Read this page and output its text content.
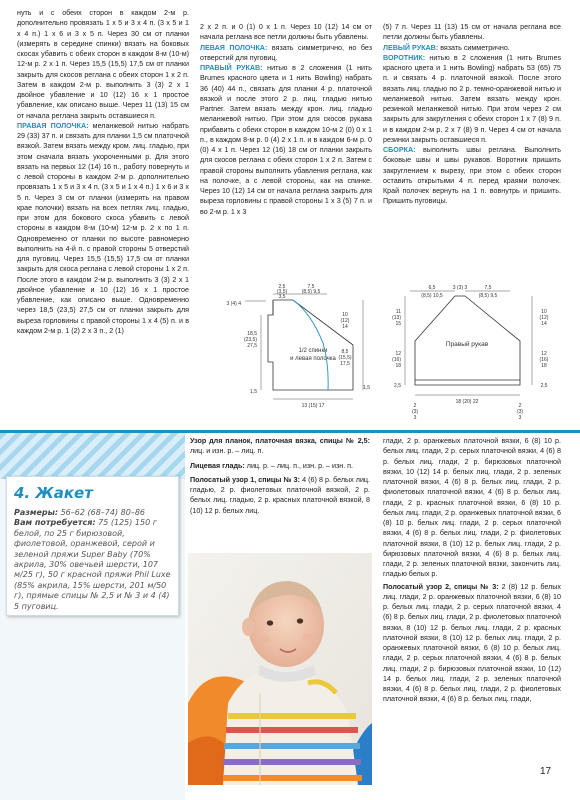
нуть и с обеих сторон в каждом 2-м р. дополнительно провязать 1 х 5 и 3 х 4 п. (3 х 5 и 1 х 4 п.) 1 х 6 и 3 х 5 п. Через 30 см от планки (измерять в середине спинки) вязать на боковых скосах убавить с обеих сторон в каждом 8-м (10-м) 12-м р. 2 х 1 п. Через 15,5 (15,5) 17,5 см от планки закрыть для скосов реглана с обеих сторон 1 х 2 п. Затем в каждом 2-м р. выполнить 3 (3) 2 х 1 двойное убавление и 10 (12) 16 х 1 простое убавление, как описано выше. Через 11 (13) 15 см от начала реглана закрыть оставшиеся п.

ПРАВАЯ ПОЛОЧКА: меланжевой нитью набрать 29 (33) 37 п. и связать для планки 1,5 см платочной вязкой. Затем вязать между кром. лиц. гладью, при этом сначала вязать укороченными р. Для этого вязать на первых 12 (14) 16 п., работу повернуть и с левой стороны в каждом 2-м р. дополнительно провязать 1 х 5 и 3 х 4 п. (3 х 5 и 1 х 4 п.) 1 х 6 и 3 х 5 п. Через 3 см от планки (измерять на правом крае полочки) вязать на всех петлях лиц. гладью, при этом для бокового скоса убавить с левой стороны в каждом 8-м (10-м) 12-м р. 2 х по 1 п. Одновременно от планки по высоте равномерно выполнить на 4-й п. с правой стороны 5 отверстий для пуговиц. Через 15,5 (15,5) 17,5 см от планки закрыть для скоса реглана с левой стороны 1 х 2 п. После этого в каждом 2-м р. выполнить 3 (3) 2 х 1 двойное убавление и 10 (12) 16 х 1 простое убавление, как описано выше. Одновременно через 18,5 (23,5) 27,5 см от планки закрыть для выреза горловины с правой стороны 1 х 4 (5) п. и в каждом 2-м р. 1 (2) 2 х 3 п., 2 (1)

2 х 2 п. и 0 (1) 0 х 1 п. Через 10 (12) 14 см от начала реглана все петли должны быть убавлены.

ЛЕВАЯ ПОЛОЧКА: вязать симметрично, но без отверстий для пуговиц.

ПРАВЫЙ РУКАВ: нитью в 2 сложения (1 нить Brumes красного цвета и 1 нить Bowling) набрать 36 (40) 44 п., связать для планки 4 р. платочной вязкой и после этого 2 р. лиц. гладью нитью Partner. Затем вязать между крон. лиц. гладью меланжевой нитью. При этом для скосов рукава прибавить с обеих сторон в каждом 10-м 2 (0) 0 х 1 п., в каждом 8-м р. 0 (4) 2 х 1 п. и в каждом 6-м р. 0 (0) 4 х 1 п. Через 12 (16) 18 см от планки закрыть для скосов реглана с обеих сторон 1 х 2 п. Затем с правой стороны выполнить убавления реглана, как на полочке, а с левой стороны, как на спинке. Через 10 (12) 14 см от начала реглана закрыть для выреза горловины с правой стороны 1 х 3 (5) 7 п. и во 2-м р. 1 х 3

(5) 7 п. Через 11 (13) 15 см от начала реглана все петли должны быть убавлены.

ЛЕВЫЙ РУКАВ: вязать симметрично.

ВОРОТНИК: нитью в 2 сложения (1 нить Brumes красного цвета и 1 нить Bowling) набрать 53 (65) 75 п. и связать 4 р. платочной вязкой. После этого вязать лиц. гладью по 2 р. темно-оранжевой нитью и меланжевой нитью. Затем вязать между крон. резинкой меланжевой нитью. При этом через 2 см закрыть для закругления с обеих сторон 1 х 7 (8) 9 п. и в каждом 2-м р. 2 х 7 (8) 9 п. Через 4 см от начала резинки закрыть оставшиеся п.

СБОРКА: выполнить швы реглана. Выполнить боковые швы и швы рукавов. Воротник пришить закруглением к вырезу, при этом с обеих сторон оставить открытыми 4 п. перед краями полочек. Край полочек вернуть на 1 п. вовнутрь и пришить. Пришить пуговицы.

1/2 спинки
и левая полочка
2,5
(3,5)
3,5
7,5
(8,5) 9,5
3 (4) 4
18,5
(23,5)
27,5
1,5
10
(12)
14
8,5
(15,5)
17,5
1,5
13 (15) 17
Правый рукав
6,5
(8,5) 10,5
3 (3) 3	7,5
(8,5) 9,5
11
(13)
15
12
(16)
18
2,5
10
(12)
14
12
(16)
18
2,5
2
(3)
3
18 (20) 22
2
(3)
3
4. Жакет
Размеры: 56–62 (68–74) 80–86
Вам потребуется: 75 (125) 150 г белой, по 25 г бирюзовой, фиолетовой, оранжевой, серой и зеленой пряжи Super Baby (70% акрила, 30% овечьей шерсти, 107 м/25 г), 50 г красной пряжи Phil Luxe (85% акрила, 15% шерсти, 201 м/50 г), прямые спицы № 2,5 и № 3 и 4 (4) 5 пуговиц.

Узор для планок, платочная вязка, спицы № 2,5: лиц. и изн. р. – лиц. п.

Лицевая гладь: лиц. р. – лиц. п., изн. р. – изн. п.

Полосатый узор 1, спицы № 3: 4 (6) 8 р. белых лиц. гладью, 2 р. фиолетовых платочной вязкой, 2 р. белых лиц. гладью, 2 р. красных платочной вязкой, 8 (10) 12 р. белых лиц.

глади, 2 р. оранжевых платочной вязки, 6 (8) 10 р. белых лиц. глади, 2 р. серых платочной вязки, 4 (6) 8 р. белых лиц. глади, 2 р. бирюзовых платочной вязки, 10 (12) 14 р. белых лиц. глади, 2 р. зеленых платочной вязки, 4 (6) 8 р. белых лиц. глади, 2 р. фиолетовых платочной вязки, 4 (6) 8 р. белых лиц. глади, 2 р. красных платочной вязки, 6 (8) 10 р. белых лиц. глади, 2 р. оранжевых платочной вязки, 6 (8) 10 р. белых лиц. глади, 2 р. серых платочной вязки, 4 (6) 8 р. белых лиц. глади, 2 р. фиолетовых платочной вязки, 8 (10) 12 р. белых лиц. глади, 2 р. бирюзовых платочной вязки, 4 (6) 8 р. белых лиц. глади, 2 р. зеленых платочной вязки, закончить лиц. гладью белых р.

Полосатый узор 2, спицы № 3: 2 (8) 12 р. белых лиц. глади, 2 р. оранжевых платочной вязки, 6 (8) 10 р. белых лиц. глади, 2 р. серых платочной вязки, 4 (6) 8 р. белых лиц. глади, 2 р. фиолетовых платочной вязки, 8 (10) 12 р. белых лиц. глади, 2 р. красных платочной вязки, 8 (10) 12 р. белых лиц. глади, 2 р. оранжевых платочной вязки, 6 (8) 10 р. белых лиц. глади, 2 р. серых платочной вязки, 4 (6) 8 р. белых лиц. глади, 2 р. бирюзовых платочной вязки, 10 (12) 14 р. белых лиц. глади, 2 р. зеленых платочной вязки, 4 (6) 8 р. белых лиц. глади, 2 р. фиолетовых платочной вязки, 4 (6) 8 р. белых лиц. глади,

17
